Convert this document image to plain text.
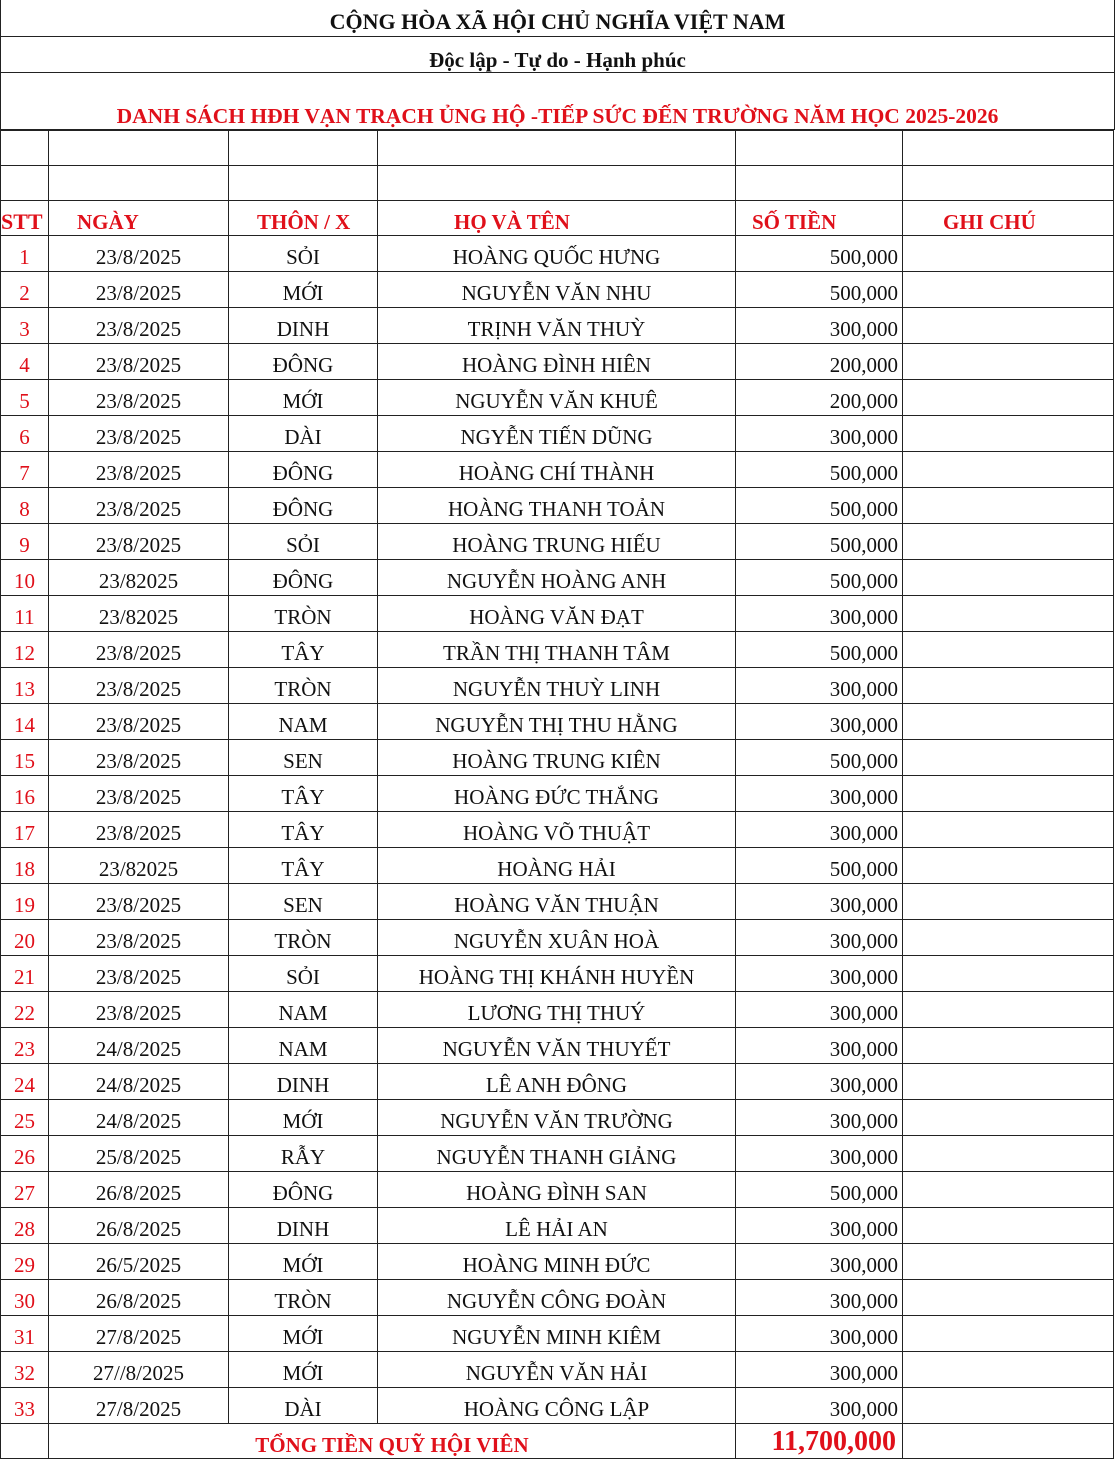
CỘNG HÒA XÃ HỘI CHỦ NGHĨA VIỆT NAM
Độc lập - Tự do - Hạnh phúc
DANH SÁCH HĐH VẠN TRẠCH ỦNG HỘ -TIẾP SỨC ĐẾN TRƯỜNG NĂM HỌC 2025-2026

STT	NGÀY	THÔN / X	HỌ VÀ TÊN	SỐ TIỀN	GHI CHÚ
1	23/8/2025	SỎI	HOÀNG QUỐC HƯNG	500,000	
2	23/8/2025	MỚI	NGUYỄN VĂN NHU	500,000	
3	23/8/2025	DINH	TRỊNH VĂN THUỲ	300,000	
4	23/8/2025	ĐÔNG	HOÀNG ĐÌNH HIÊN	200,000	
5	23/8/2025	MỚI	NGUYỄN VĂN KHUÊ	200,000	
6	23/8/2025	DÀI	NGYỄN TIẾN DŨNG	300,000	
7	23/8/2025	ĐÔNG	HOÀNG CHÍ THÀNH	500,000	
8	23/8/2025	ĐÔNG	HOÀNG THANH TOẢN	500,000	
9	23/8/2025	SỎI	HOÀNG TRUNG HIẾU	500,000	
10	23/82025	ĐÔNG	NGUYỄN HOÀNG ANH	500,000	
11	23/82025	TRÒN	HOÀNG VĂN ĐẠT	300,000	
12	23/8/2025	TÂY	TRẦN THỊ THANH TÂM	500,000	
13	23/8/2025	TRÒN	NGUYỄN THUỲ LINH	300,000	
14	23/8/2025	NAM	NGUYỄN THỊ THU HẰNG	300,000	
15	23/8/2025	SEN	HOÀNG TRUNG KIÊN	500,000	
16	23/8/2025	TÂY	HOÀNG ĐỨC THẮNG	300,000	
17	23/8/2025	TÂY	HOÀNG VÕ THUẬT	300,000	
18	23/82025	TÂY	HOÀNG HẢI	500,000	
19	23/8/2025	SEN	HOÀNG VĂN THUẬN	300,000	
20	23/8/2025	TRÒN	NGUYỄN XUÂN HOÀ	300,000	
21	23/8/2025	SỎI	HOÀNG THỊ KHÁNH HUYỀN	300,000	
22	23/8/2025	NAM	LƯƠNG THỊ THUÝ	300,000	
23	24/8/2025	NAM	NGUYỄN VĂN THUYẾT	300,000	
24	24/8/2025	DINH	LÊ ANH ĐÔNG	300,000	
25	24/8/2025	MỚI	NGUYỄN VĂN TRƯỜNG	300,000	
26	25/8/2025	RẪY	NGUYỄN THANH GIẢNG	300,000	
27	26/8/2025	ĐÔNG	HOÀNG ĐÌNH SAN	500,000	
28	26/8/2025	DINH	LÊ HẢI AN	300,000	
29	26/5/2025	MỚI	HOÀNG MINH ĐỨC	300,000	
30	26/8/2025	TRÒN	NGUYỄN CÔNG ĐOÀN	300,000	
31	27/8/2025	MỚI	NGUYỄN MINH KIÊM	300,000	
32	27//8/2025	MỚI	NGUYỄN VĂN HẢI	300,000	
33	27/8/2025	DÀI	HOÀNG CÔNG LẬP	300,000	
	TỔNG TIỀN QUỸ HỘI VIÊN			11,700,000	
